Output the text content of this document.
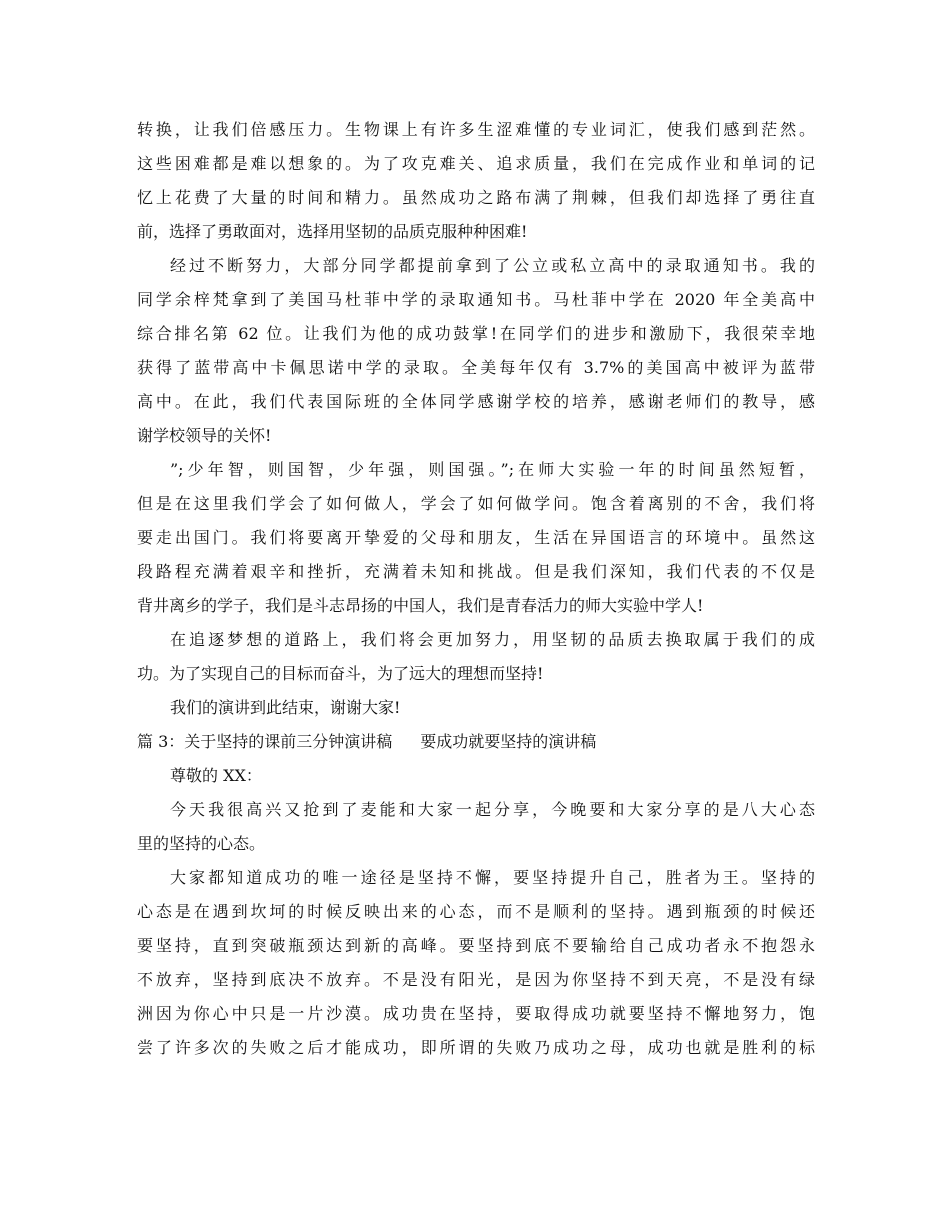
转换，让我们倍感压力。生物课上有许多生涩难懂的专业词汇，使我们感到茫然。
这些困难都是难以想象的。为了攻克难关、追求质量，我们在完成作业和单词的记
忆上花费了大量的时间和精力。虽然成功之路布满了荆棘，但我们却选择了勇往直
前，选择了勇敢面对，选择用坚韧的品质克服种种困难!
经过不断努力，大部分同学都提前拿到了公立或私立高中的录取通知书。我的
同学余梓梵拿到了美国马杜菲中学的录取通知书。马杜菲中学在 2020 年全美高中
综合排名第 62 位。让我们为他的成功鼓掌!在同学们的进步和激励下，我很荣幸地
获得了蓝带高中卡佩思诺中学的录取。全美每年仅有 3.7%的美国高中被评为蓝带
高中。在此，我们代表国际班的全体同学感谢学校的培养，感谢老师们的教导，感
谢学校领导的关怀!
”;少年智，则国智，少年强，则国强。”;在师大实验一年的时间虽然短暂，
但是在这里我们学会了如何做人，学会了如何做学问。饱含着离别的不舍，我们将
要走出国门。我们将要离开挚爱的父母和朋友，生活在异国语言的环境中。虽然这
段路程充满着艰辛和挫折，充满着未知和挑战。但是我们深知，我们代表的不仅是
背井离乡的学子，我们是斗志昂扬的中国人，我们是青春活力的师大实验中学人!
在追逐梦想的道路上，我们将会更加努力，用坚韧的品质去换取属于我们的成
功。为了实现自己的目标而奋斗，为了远大的理想而坚持!
我们的演讲到此结束，谢谢大家!
篇 3：关于坚持的课前三分钟演讲稿 要成功就要坚持的演讲稿
尊敬的 XX：
今天我很高兴又抢到了麦能和大家一起分享，今晚要和大家分享的是八大心态
里的坚持的心态。
大家都知道成功的唯一途径是坚持不懈，要坚持提升自己，胜者为王。坚持的
心态是在遇到坎坷的时候反映出来的心态，而不是顺利的坚持。遇到瓶颈的时候还
要坚持，直到突破瓶颈达到新的高峰。要坚持到底不要输给自己成功者永不抱怨永
不放弃，坚持到底决不放弃。不是没有阳光，是因为你坚持不到天亮，不是没有绿
洲因为你心中只是一片沙漠。成功贵在坚持，要取得成功就要坚持不懈地努力，饱
尝了许多次的失败之后才能成功，即所谓的失败乃成功之母，成功也就是胜利的标
